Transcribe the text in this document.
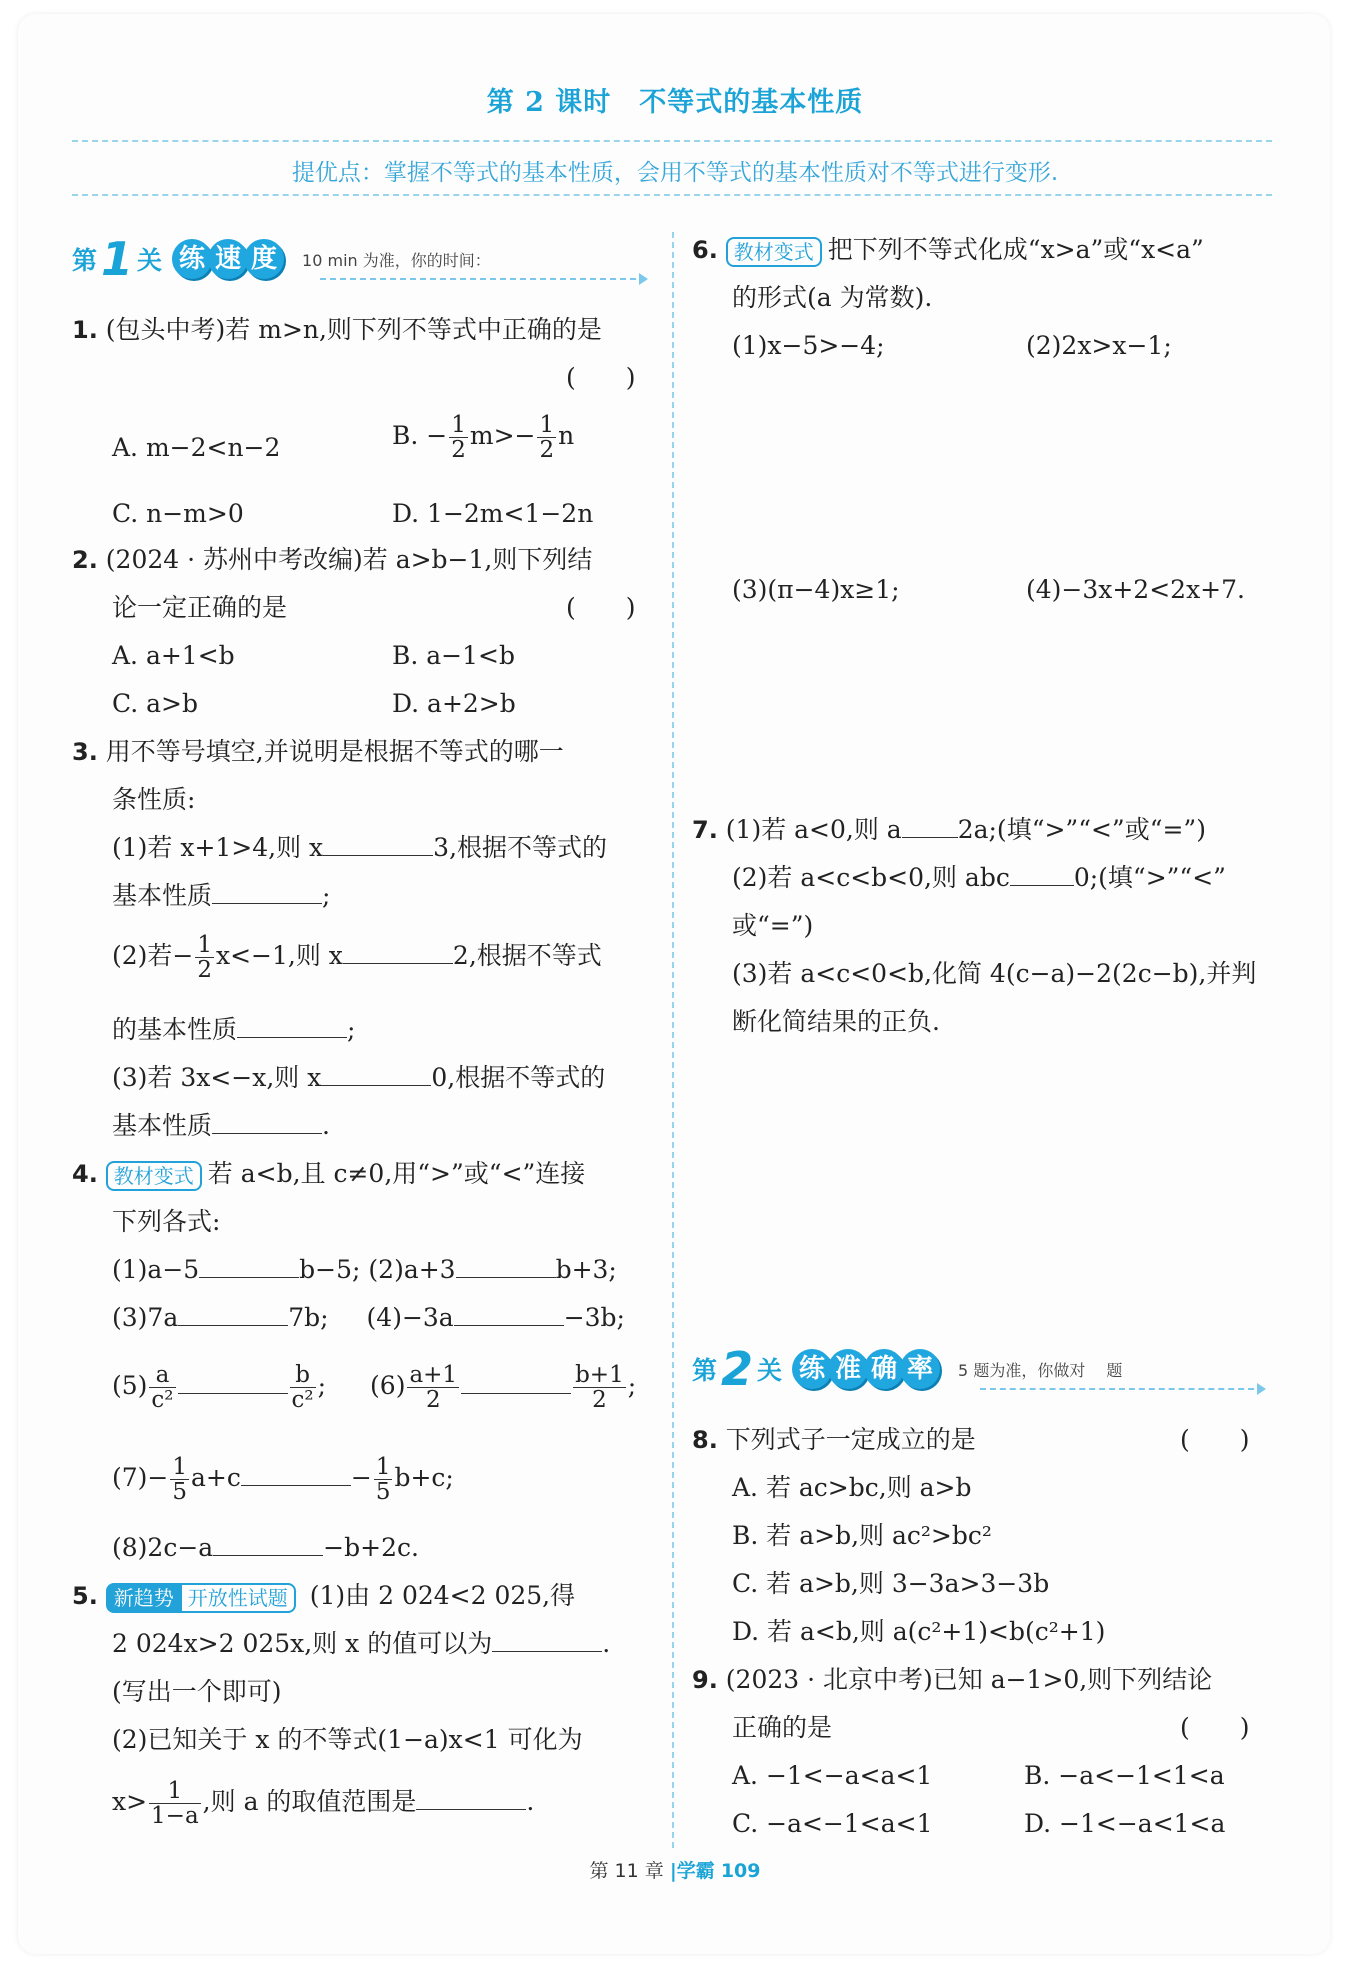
第 2 课时 不等式的基本性质
提优点：掌握不等式的基本性质，会用不等式的基本性质对不等式进行变形.
第 1 关 练 速 度	10 min 为准，你的时间：
1. (包头中考)若 m>n,则下列不等式中正确的是
(　　)
A. m−2<n−2	B. − $\frac{1}{2} m>- \frac{1}{2}$ n
C. n−m>0	D. 1−2m<1−2n
2. (2024 · 苏州中考改编)若 a>b−1,则下列结
论一定正确的是	(　　)
A. a+1<b	B. a−1<b
C. a>b	D. a+2>b
3. 用不等号填空,并说明是根据不等式的哪一
条性质:
(1)若 x+1>4,则 x	3,根据不等式的
基本性质	;
(2)若− $\frac{1}{2} x<-1$,则 x	2,根据不等式
的基本性质	;
(3)若 3x<−x,则 x	0,根据不等式的
基本性质	.
4. 教材变式 若 a<b,且 c≠0,用“>”或“<”连接
下列各式:
(1)a−5	b−5; (2)a+3	b+3;
(3)7a	7b; (4)−3a	−3b;
$(5) \frac{a}{\text{c²}}$	$\frac{b}{\text{c²}}$ ; $(6) \frac{a+1}{2}$	$\frac{b+1}{2}$ ;
$(7)- \frac{1}{5} a+c$	− $\frac{1}{5} b+c$;
(8)2c−a	−b+2c.
5. 新趋势 开放性试题 (1)由 2 024<2 025,得
2 024x>2 025x,则 x 的值可以为	.
(写出一个即可)
(2)已知关于 x 的不等式(1−a)x<1 可化为
$x> \frac{1}{1-a}$ ,则 a 的取值范围是	.
6. 教材变式 把下列不等式化成“x>a”或“x<a”
的形式(a 为常数).
(1)x−5>−4;	(2)2x>x−1;
(3)(π−4)x≥1;	(4)−3x+2<2x+7.
7. (1)若 a<0,则 a 2a;(填“>”“<”或“=”)
(2)若 a<c<b<0,则 abc	0;(填“>”“<”
或“=”)
(3)若 a<c<0<b,化简 4(c−a)−2(2c−b),并判
断化简结果的正负.
第 2 关 练 准 确 率	5 题为准，你做对　 题
8. 下列式子一定成立的是	(　　)
A. 若 ac>bc,则 a>b
B. 若 a>b,则 ac²>bc²
C. 若 a>b,则 3−3a>3−3b
D. 若 a<b,则 a(c²+1)<b(c²+1)
9. (2023 · 北京中考)已知 a−1>0,则下列结论
正确的是	(　　)
A. −1<−a<a<1	B. −a<−1<1<a
C. −a<−1<a<1	D. −1<−a<1<a
第 11 章 |学霸 109
